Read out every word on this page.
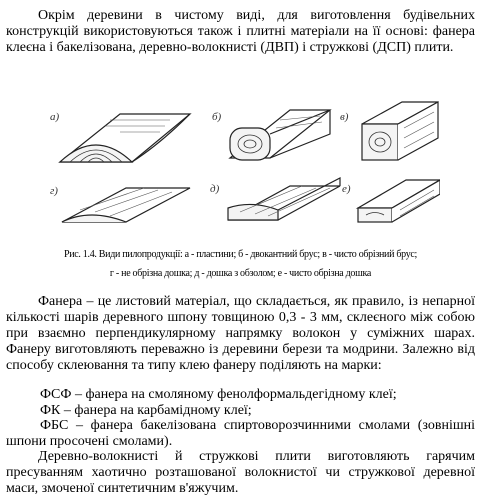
Окрім деревини в чистому виді, для виготовлення будівельних конструкцій використовуються також і плитні матеріали на її основі: фанера клеєна і бакелізована, деревно-волокнисті (ДВП) і стружкові (ДСП) плити.

а)	б)	в)
г)	д)	е)
Рис. 1.4. Види пилопродукції: а - пластини; б - двокантний брус; в - чисто обрізний брус;
г - не обрізна дошка; д - дошка з обзолом; е - чисто обрізна дошка

Фанера – це листовий матеріал, що складається, як правило, із непарної кількості шарів деревного шпону товщиною 0,3 - 3 мм, склеєного між собою при взаємно перпендикулярному напрямку волокон у суміжних шарах. Фанеру виготовляють переважно із деревини берези та модрини. Залежно від способу склеювання та типу клею фанеру поділяють на марки:

ФСФ – фанера на смоляному фенолформальдегідному клеї;

ФК – фанера на карбамідному клеї;

ФБС – фанера бакелізована спиртоворозчинними смолами (зовнішні шпони просочені смолами).

Деревно-волокнисті й стружкові плити виготовляють гарячим пресуванням хаотично розташованої волокнистої чи стружкової деревної маси, змоченої синтетичним в'яжучим.
